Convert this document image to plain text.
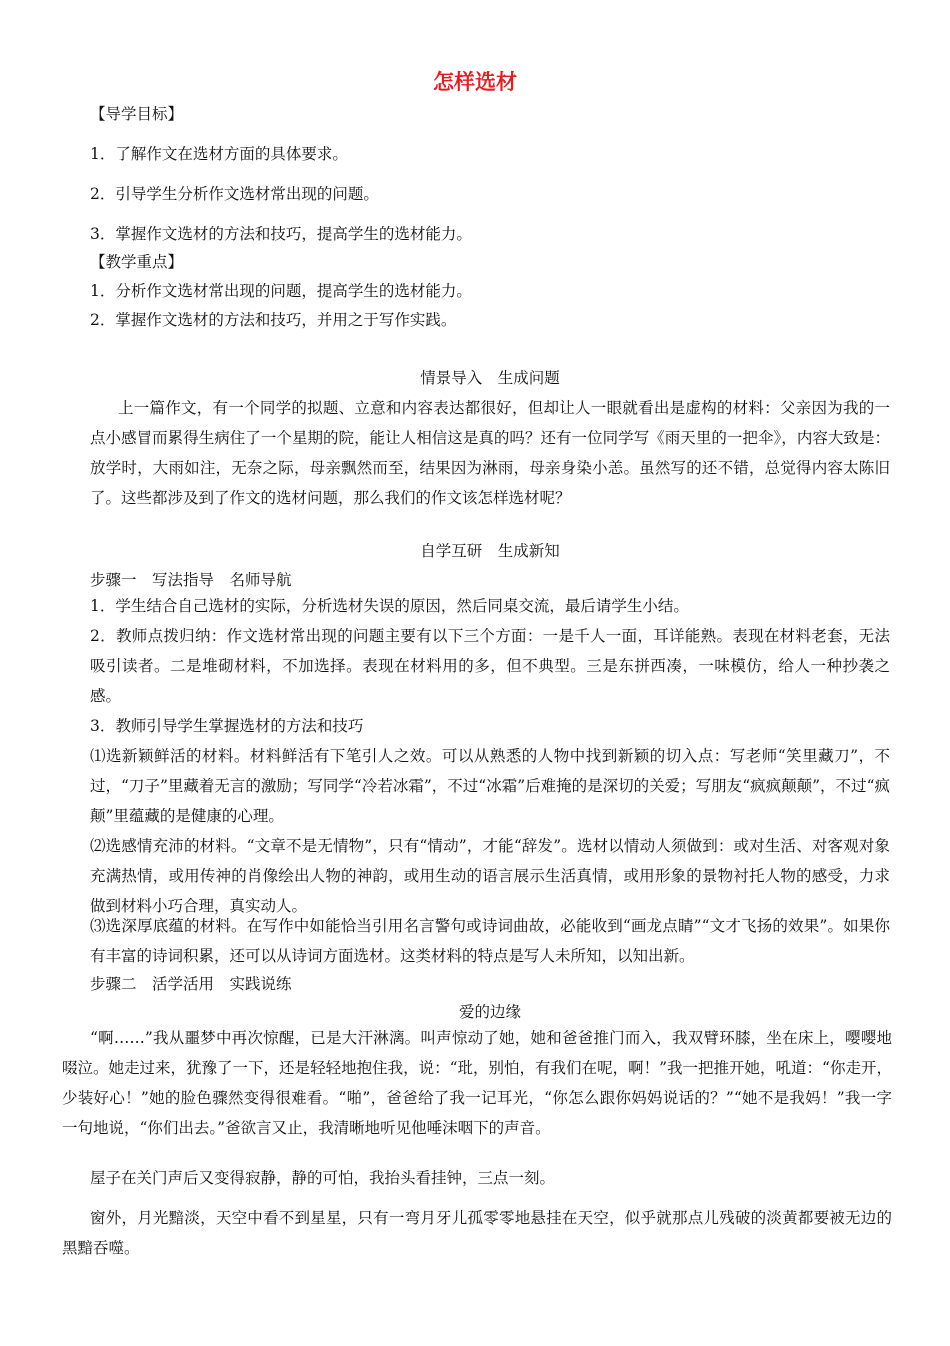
怎样选材
【导学目标】
1．了解作文在选材方面的具体要求。
2．引导学生分析作文选材常出现的问题。
3．掌握作文选材的方法和技巧，提高学生的选材能力。
【教学重点】
1．分析作文选材常出现的问题，提高学生的选材能力。
2．掌握作文选材的方法和技巧，并用之于写作实践。
情景导入　生成问题
上一篇作文，有一个同学的拟题、立意和内容表达都很好，但却让人一眼就看出是虚构的材料：父亲因为我的一点小感冒而累得生病住了一个星期的院，能让人相信这是真的吗？还有一位同学写《雨天里的一把伞》，内容大致是：放学时，大雨如注，无奈之际，母亲飘然而至，结果因为淋雨，母亲身染小恙。虽然写的还不错，总觉得内容太陈旧了。这些都涉及到了作文的选材问题，那么我们的作文该怎样选材呢？
自学互研　生成新知
步骤一　写法指导　名师导航
1．学生结合自己选材的实际，分析选材失误的原因，然后同桌交流，最后请学生小结。
2．教师点拨归纳：作文选材常出现的问题主要有以下三个方面：一是千人一面，耳详能熟。表现在材料老套，无法吸引读者。二是堆砌材料，不加选择。表现在材料用的多，但不典型。三是东拼西凑，一味模仿，给人一种抄袭之感。
3．教师引导学生掌握选材的方法和技巧
⑴选新颖鲜活的材料。材料鲜活有下笔引人之效。可以从熟悉的人物中找到新颖的切入点：写老师“笑里藏刀”，不过，“刀子”里藏着无言的激励；写同学“冷若冰霜”，不过“冰霜”后难掩的是深切的关爱；写朋友“疯疯颠颠”，不过“疯颠”里蕴藏的是健康的心理。
⑵选感情充沛的材料。“文章不是无情物”，只有“情动”，才能“辞发”。选材以情动人须做到：或对生活、对客观对象充满热情，或用传神的肖像绘出人物的神韵，或用生动的语言展示生活真情，或用形象的景物衬托人物的感受，力求做到材料小巧合理，真实动人。
⑶选深厚底蕴的材料。在写作中如能恰当引用名言警句或诗词曲故，必能收到“画龙点睛”“文才飞扬的效果”。如果你有丰富的诗词积累，还可以从诗词方面选材。这类材料的特点是写人未所知，以知出新。
步骤二　活学活用　实践说练
爱的边缘
“啊……”我从噩梦中再次惊醒，已是大汗淋漓。叫声惊动了她，她和爸爸推门而入，我双臂环膝，坐在床上，嘤嘤地啜泣。她走过来，犹豫了一下，还是轻轻地抱住我，说：“玭，别怕，有我们在呢，啊！”我一把推开她，吼道：“你走开，少装好心！”她的脸色骤然变得很难看。“啪”，爸爸给了我一记耳光，“你怎么跟你妈妈说话的？”“她不是我妈！”我一字一句地说，“你们出去。”爸欲言又止，我清晰地听见他唾沫咽下的声音。
屋子在关门声后又变得寂静，静的可怕，我抬头看挂钟，三点一刻。
窗外，月光黯淡，天空中看不到星星，只有一弯月牙儿孤零零地悬挂在天空，似乎就那点儿残破的淡黄都要被无边的黑黯吞噬。
